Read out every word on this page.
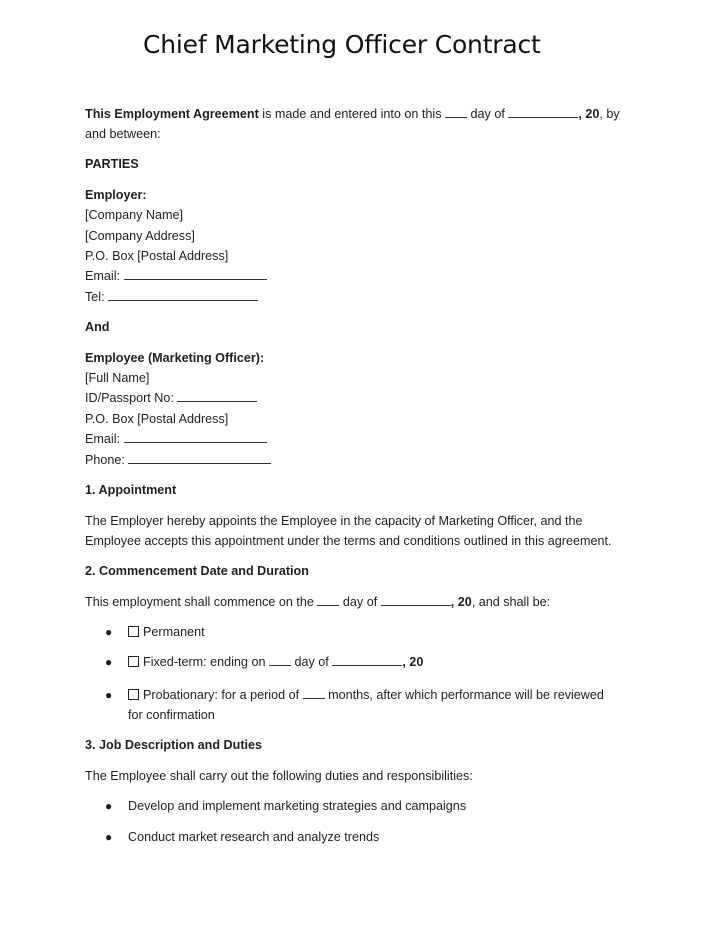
Chief Marketing Officer Contract

This Employment Agreement is made and entered into on this  day of	, 20, by
and between:

PARTIES

Employer:
[Company Name]
[Company Address]
P.O. Box [Postal Address]
Email:
Tel:

And

Employee (Marketing Officer):
[Full Name]
ID/Passport No:
P.O. Box [Postal Address]
Email:
Phone:

1. Appointment

The Employer hereby appoints the Employee in the capacity of Marketing Officer, and the
Employee accepts this appointment under the terms and conditions outlined in this agreement.

2. Commencement Date and Duration

This employment shall commence on the  day of	, 20, and shall be:

● Permanent
● Fixed-term: ending on  day of	, 20
●	Probationary: for a period of  months, after which performance will be reviewed
for confirmation

3. Job Description and Duties

The Employee shall carry out the following duties and responsibilities:

● Develop and implement marketing strategies and campaigns
● Conduct market research and analyze trends
